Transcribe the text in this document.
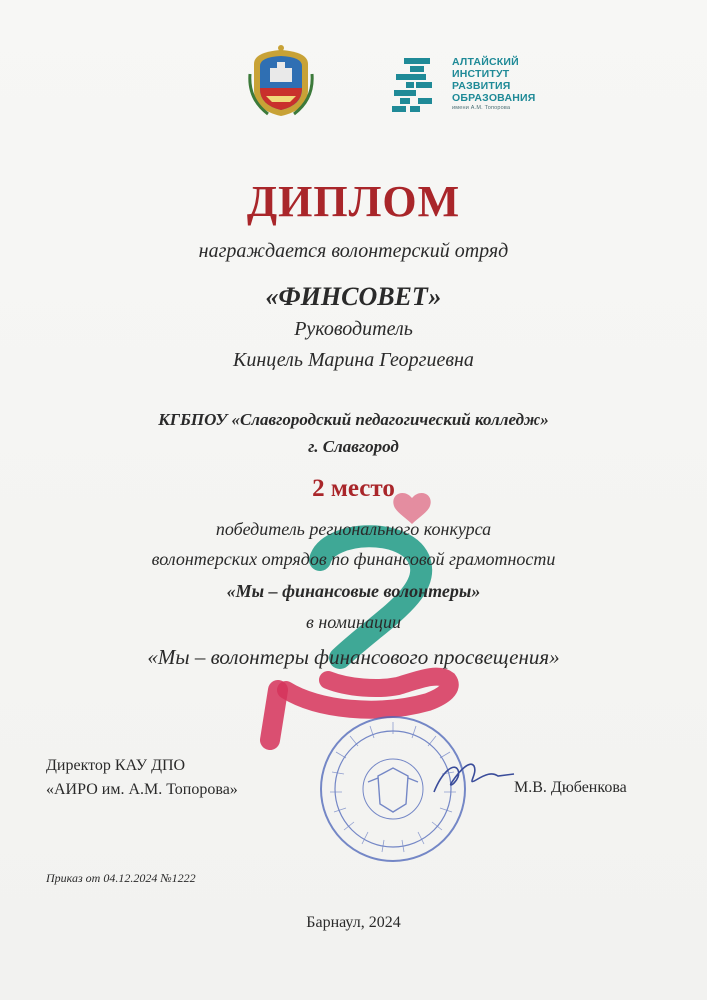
АЛТАЙСКИЙ
ИНСТИТУТ
РАЗВИТИЯ
ОБРАЗОВАНИЯ
имени А.М. Топорова
ДИПЛОМ
награждается волонтерский отряд
«ФИНСОВЕТ»
Руководитель
Кинцель Марина Георгиевна
КГБПОУ «Славгородский педагогический колледж»
г. Славгород
2 место
победитель регионального конкурса
волонтерских отрядов по финансовой грамотности
«Мы – финансовые волонтеры»
в номинации
«Мы – волонтеры финансового просвещения»
Директор КАУ ДПО
«АИРО им. А.М. Топорова»	М.В. Дюбенкова
Приказ от 04.12.2024 №1222
Барнаул, 2024
